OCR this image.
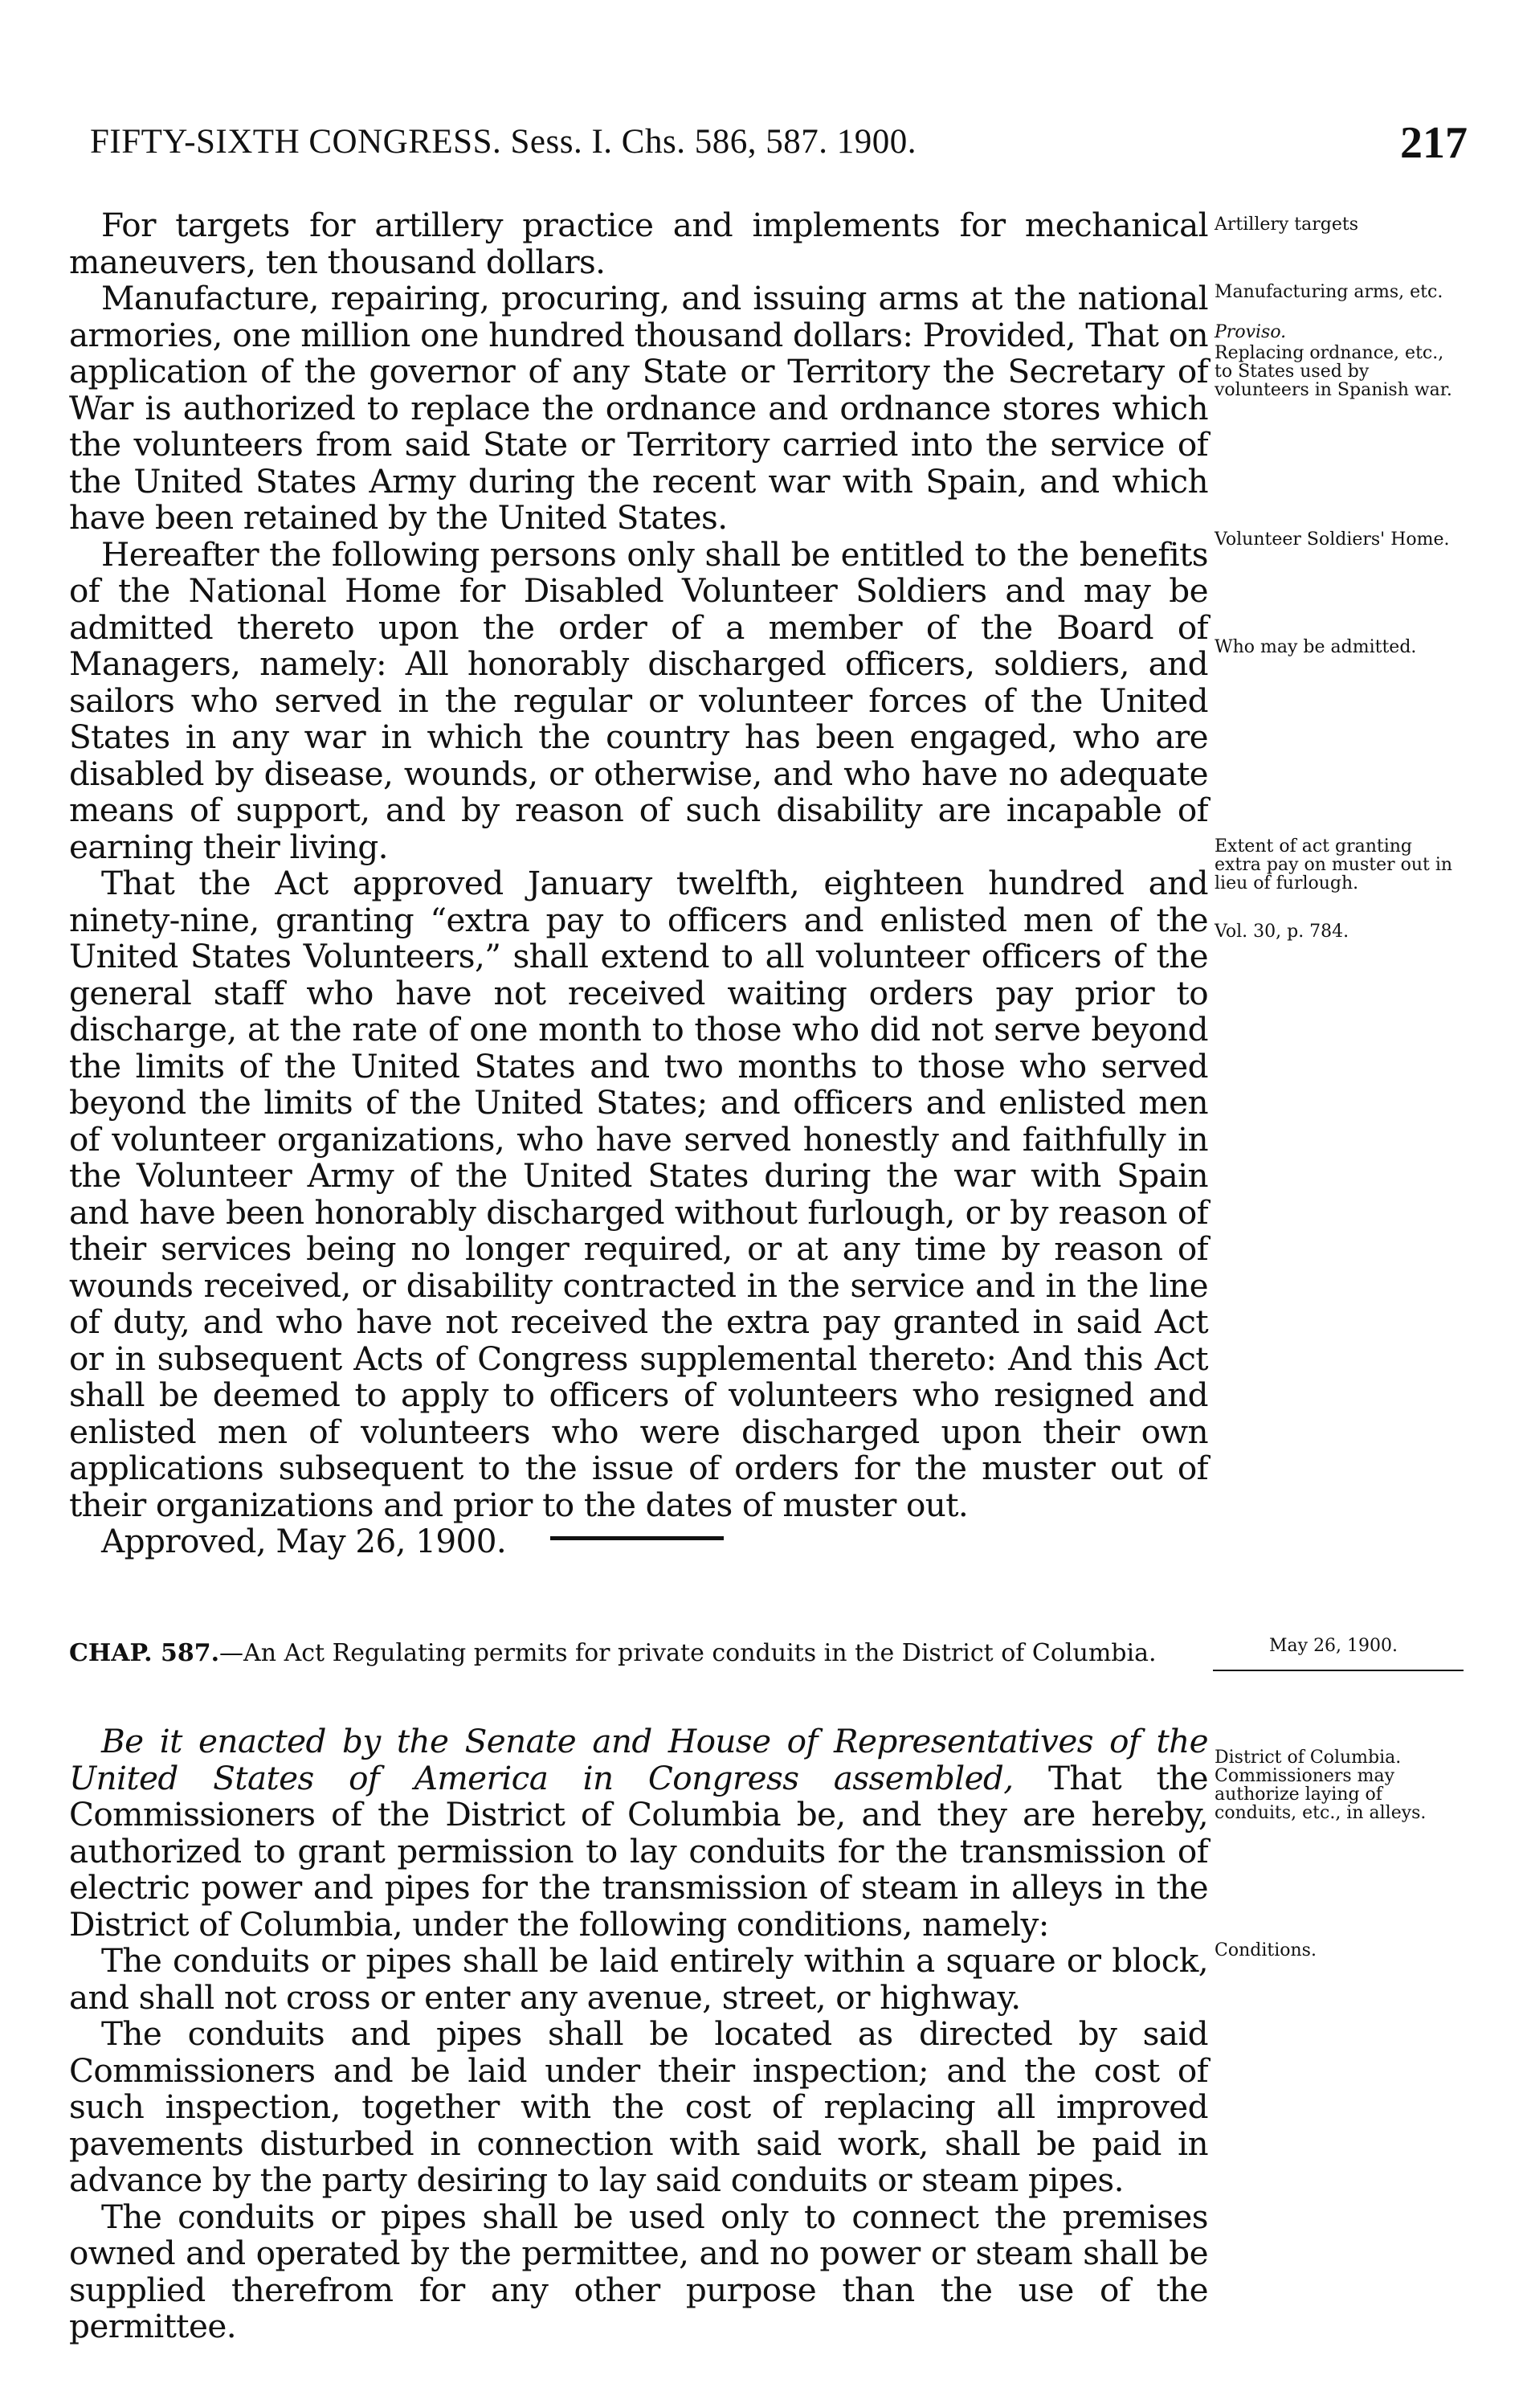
FIFTY-SIXTH CONGRESS. Sess. I. Chs. 586, 587. 1900.	217

For targets for artillery practice and implements for mechanical maneuvers, ten thousand dollars.

Manufacture, repairing, procuring, and issuing arms at the national armories, one million one hundred thousand dollars: Provided, That on application of the governor of any State or Territory the Secretary of War is authorized to replace the ordnance and ordnance stores which the volunteers from said State or Territory carried into the service of the United States Army during the recent war with Spain, and which have been retained by the United States.

Hereafter the following persons only shall be entitled to the benefits of the National Home for Disabled Volunteer Soldiers and may be admitted thereto upon the order of a member of the Board of Managers, namely: All honorably discharged officers, soldiers, and sailors who served in the regular or volunteer forces of the United States in any war in which the country has been engaged, who are disabled by disease, wounds, or otherwise, and who have no adequate means of support, and by reason of such disability are incapable of earning their living.

That the Act approved January twelfth, eighteen hundred and ninety-nine, granting “extra pay to officers and enlisted men of the United States Volunteers,” shall extend to all volunteer officers of the general staff who have not received waiting orders pay prior to discharge, at the rate of one month to those who did not serve beyond the limits of the United States and two months to those who served beyond the limits of the United States; and officers and enlisted men of volunteer organizations, who have served honestly and faithfully in the Volunteer Army of the United States during the war with Spain and have been honorably discharged without furlough, or by reason of their services being no longer required, or at any time by reason of wounds received, or disability contracted in the service and in the line of duty, and who have not received the extra pay granted in said Act or in subsequent Acts of Congress supplemental thereto: And this Act shall be deemed to apply to officers of volunteers who resigned and enlisted men of volunteers who were discharged upon their own applications subsequent to the issue of orders for the muster out of their organizations and prior to the dates of muster out.

Approved, May 26, 1900.

Artillery targets
Manufacturing arms, etc.
Proviso.
Replacing ordnance, etc., to States used by volunteers in Spanish war.
Volunteer Soldiers' Home.
Who may be admitted.
Extent of act granting extra pay on muster out in lieu of furlough.
Vol. 30, p. 784.
CHAP. 587.—An Act Regulating permits for private conduits in the District of Columbia.	May 26, 1900.

Be it enacted by the Senate and House of Representatives of the United States of America in Congress assembled, That the Commissioners of the District of Columbia be, and they are hereby, authorized to grant permission to lay conduits for the transmission of electric power and pipes for the transmission of steam in alleys in the District of Columbia, under the following conditions, namely:

The conduits or pipes shall be laid entirely within a square or block, and shall not cross or enter any avenue, street, or highway.

The conduits and pipes shall be located as directed by said Commissioners and be laid under their inspection; and the cost of such inspection, together with the cost of replacing all improved pavements disturbed in connection with said work, shall be paid in advance by the party desiring to lay said conduits or steam pipes.

The conduits or pipes shall be used only to connect the premises owned and operated by the permittee, and no power or steam shall be supplied therefrom for any other purpose than the use of the permittee.

District of Columbia. Commissioners may authorize laying of conduits, etc., in alleys.
Conditions.
